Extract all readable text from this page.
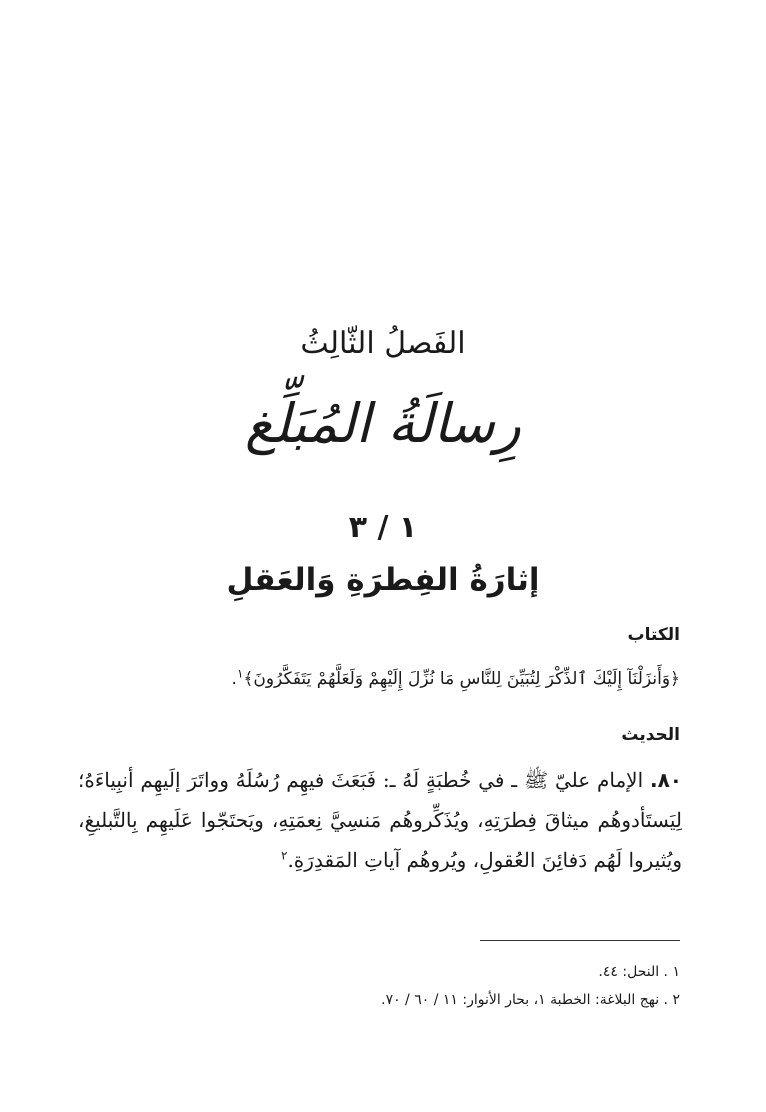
الفَصلُ الثّالِثُ
رِسالَةُ المُبَلِّغ
١ / ٣
إثارَةُ الفِطرَةِ وَالعَقلِ
الكتاب
﴿وَأَنزَلْنَآ إِلَيْكَ ٱلذِّكْرَ لِتُبَيِّنَ لِلنَّاسِ مَا نُزِّلَ إِلَيْهِمْ وَلَعَلَّهُمْ يَتَفَكَّرُونَ﴾$^١$.
الحديث
٨٠. الإمام عليّ ﷺ ـ في خُطبَةٍ لَهُ ـ: فَبَعَثَ فيهِم رُسُلَهُ وواتَرَ إلَيهِم أنبِياءَهُ؛ لِيَستَأدوهُم ميثاقَ فِطرَتِهِ، ويُذَكِّروهُم مَنسِيَّ نِعمَتِهِ، ويَحتَجّوا عَلَيهِم بِالتَّبليغِ، ويُثيروا لَهُم دَفائِنَ العُقولِ، ويُروهُم آياتِ المَقدِرَةِ.$^٢$
١ . النحل: ٤٤.
٢ . نهج البلاغة: الخطبة ١، بحار الأنوار: ١١ / ٦٠ / ٧٠.
